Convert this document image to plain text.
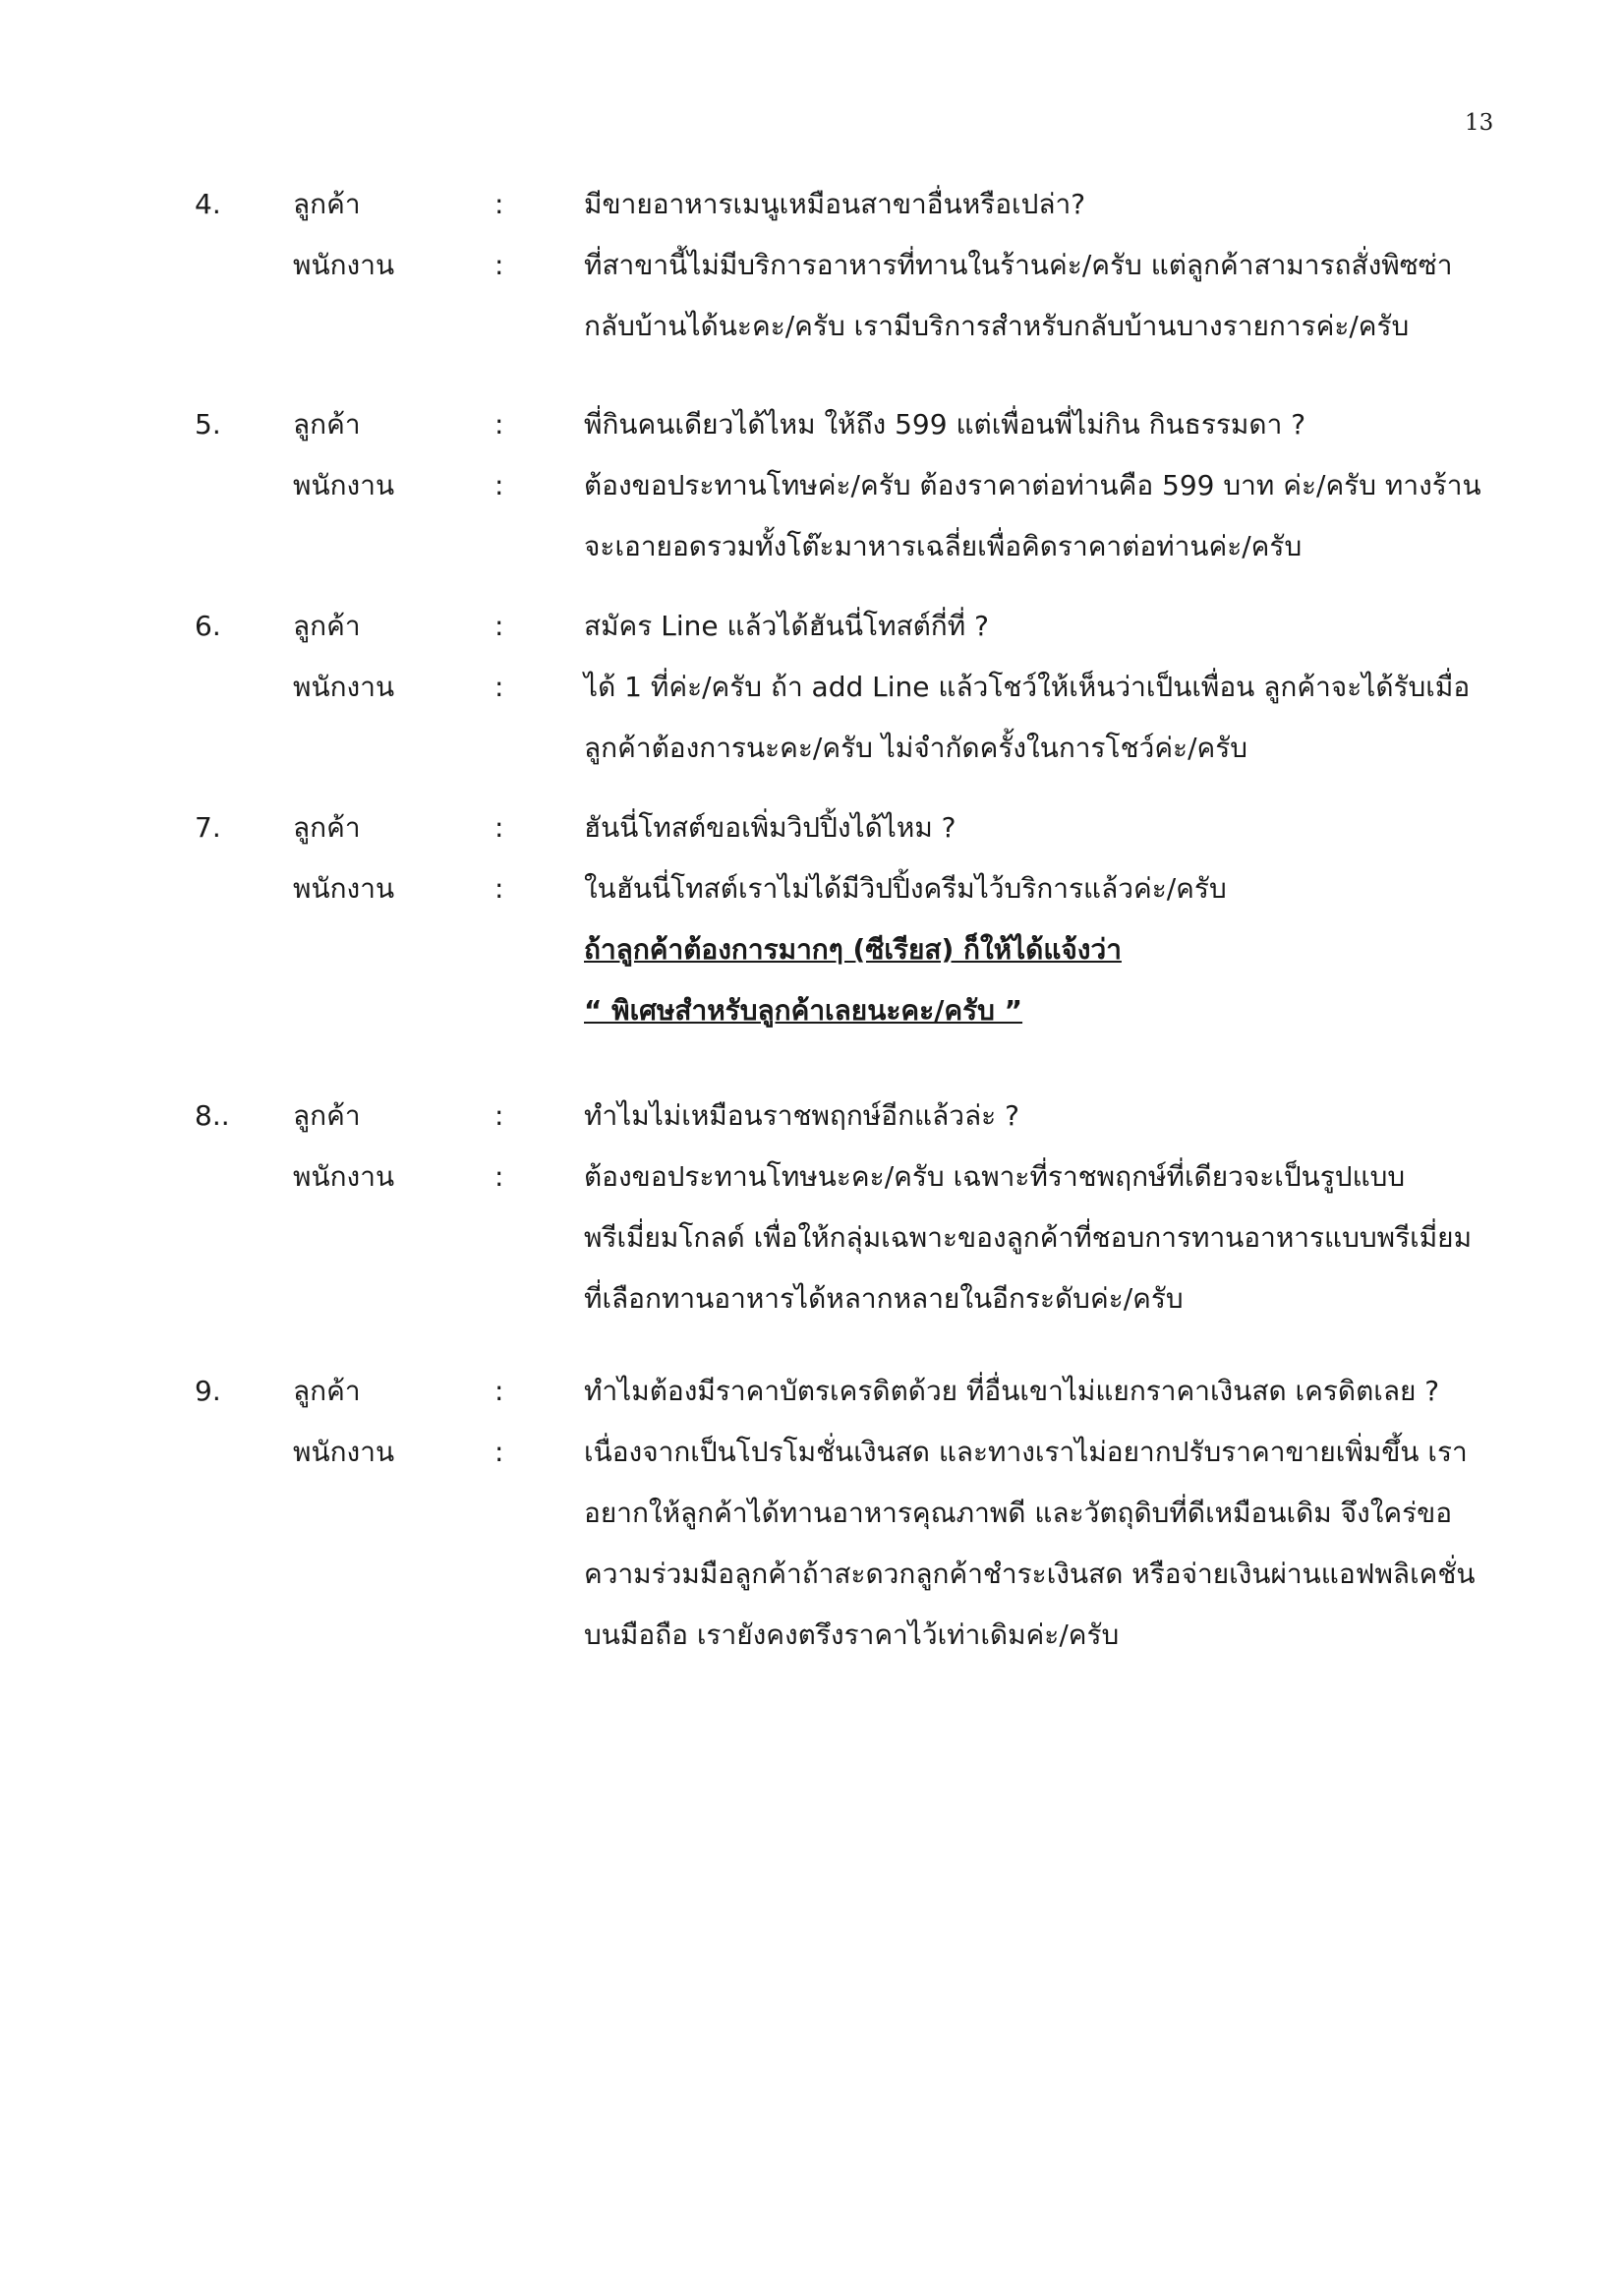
13
4.	ลูกค้า	:	มีขายอาหารเมนูเหมือนสาขาอื่นหรือเปล่า?
พนักงาน	:	ที่สาขานี้ไม่มีบริการอาหารที่ทานในร้านค่ะ/ครับ แต่ลูกค้าสามารถสั่งพิซซ่า
กลับบ้านได้นะคะ/ครับ เรามีบริการสำหรับกลับบ้านบางรายการค่ะ/ครับ
5.	ลูกค้า	:	พี่กินคนเดียวได้ไหม ให้ถึง 599 แต่เพื่อนพี่ไม่กิน กินธรรมดา ?
พนักงาน	:	ต้องขอประทานโทษค่ะ/ครับ ต้องราคาต่อท่านคือ 599 บาท ค่ะ/ครับ ทางร้าน
จะเอายอดรวมทั้งโต๊ะมาหารเฉลี่ยเพื่อคิดราคาต่อท่านค่ะ/ครับ
6.	ลูกค้า	:	สมัคร Line แล้วได้ฮันนี่โทสต์กี่ที่ ?
พนักงาน	:	ได้ 1 ที่ค่ะ/ครับ ถ้า add Line แล้วโชว์ให้เห็นว่าเป็นเพื่อน ลูกค้าจะได้รับเมื่อ
ลูกค้าต้องการนะคะ/ครับ ไม่จำกัดครั้งในการโชว์ค่ะ/ครับ
7.	ลูกค้า	:	ฮันนี่โทสต์ขอเพิ่มวิปปิ้งได้ไหม ?
พนักงาน	:	ในฮันนี่โทสต์เราไม่ได้มีวิปปิ้งครีมไว้บริการแล้วค่ะ/ครับ
ถ้าลูกค้าต้องการมากๆ (ซีเรียส) ก็ให้ได้แจ้งว่า
“ พิเศษสำหรับลูกค้าเลยนะคะ/ครับ ”
8.. ลูกค้า	:	ทำไมไม่เหมือนราชพฤกษ์อีกแล้วล่ะ ?
พนักงาน	:	ต้องขอประทานโทษนะคะ/ครับ เฉพาะที่ราชพฤกษ์ที่เดียวจะเป็นรูปแบบ
พรีเมี่ยมโกลด์ เพื่อให้กลุ่มเฉพาะของลูกค้าที่ชอบการทานอาหารแบบพรีเมี่ยม
ที่เลือกทานอาหารได้หลากหลายในอีกระดับค่ะ/ครับ
9.	ลูกค้า	:	ทำไมต้องมีราคาบัตรเครดิตด้วย ที่อื่นเขาไม่แยกราคาเงินสด เครดิตเลย ?
พนักงาน	:	เนื่องจากเป็นโปรโมชั่นเงินสด และทางเราไม่อยากปรับราคาขายเพิ่มขึ้น เรา
อยากให้ลูกค้าได้ทานอาหารคุณภาพดี และวัตถุดิบที่ดีเหมือนเดิม จึงใคร่ขอ
ความร่วมมือลูกค้าถ้าสะดวกลูกค้าชำระเงินสด หรือจ่ายเงินผ่านแอฟพลิเคชั่น
บนมือถือ เรายังคงตรึงราคาไว้เท่าเดิมค่ะ/ครับ
